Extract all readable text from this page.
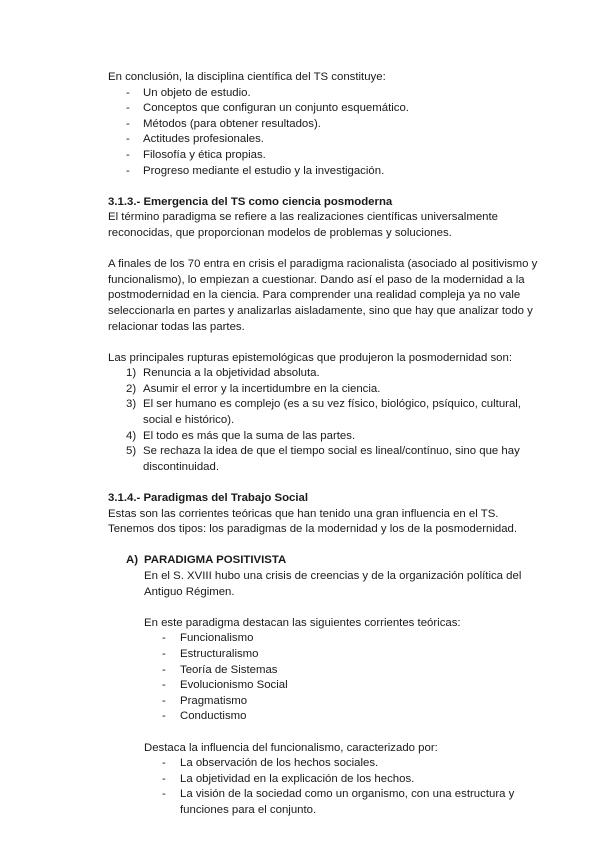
En conclusión, la disciplina científica del TS constituye:

- Un objeto de estudio.
- Conceptos que configuran un conjunto esquemático.
- Métodos (para obtener resultados).
- Actitudes profesionales.
- Filosofía y ética propias.
- Progreso mediante el estudio y la investigación.

3.1.3.- Emergencia del TS como ciencia posmoderna

El término paradigma se refiere a las realizaciones científicas universalmente reconocidas, que proporcionan modelos de problemas y soluciones.

A finales de los 70 entra en crisis el paradigma racionalista (asociado al positivismo y funcionalismo), lo empiezan a cuestionar. Dando así el paso de la modernidad a la postmodernidad en la ciencia. Para comprender una realidad compleja ya no vale seleccionarla en partes y analizarlas aisladamente, sino que hay que analizar todo y relacionar todas las partes.

Las principales rupturas epistemológicas que produjeron la posmodernidad son:

1) Renuncia a la objetividad absoluta.
2) Asumir el error y la incertidumbre en la ciencia.
3) El ser humano es complejo (es a su vez físico, biológico, psíquico, cultural, social e histórico).
4) El todo es más que la suma de las partes.
5) Se rechaza la idea de que el tiempo social es lineal/contínuo, sino que hay discontinuidad.

3.1.4.- Paradigmas del Trabajo Social

Estas son las corrientes teóricas que han tenido una gran influencia en el TS. Tenemos dos tipos: los paradigmas de la modernidad y los de la posmodernidad.

A) PARADIGMA POSITIVISTA

En el S. XVIII hubo una crisis de creencias y de la organización política del Antiguo Régimen.

En este paradigma destacan las siguientes corrientes teóricas:

- Funcionalismo
- Estructuralismo
- Teoría de Sistemas
- Evolucionismo Social
- Pragmatismo
- Conductismo

Destaca la influencia del funcionalismo, caracterizado por:

- La observación de los hechos sociales.
- La objetividad en la explicación de los hechos.
- La visión de la sociedad como un organismo, con una estructura y funciones para el conjunto.
